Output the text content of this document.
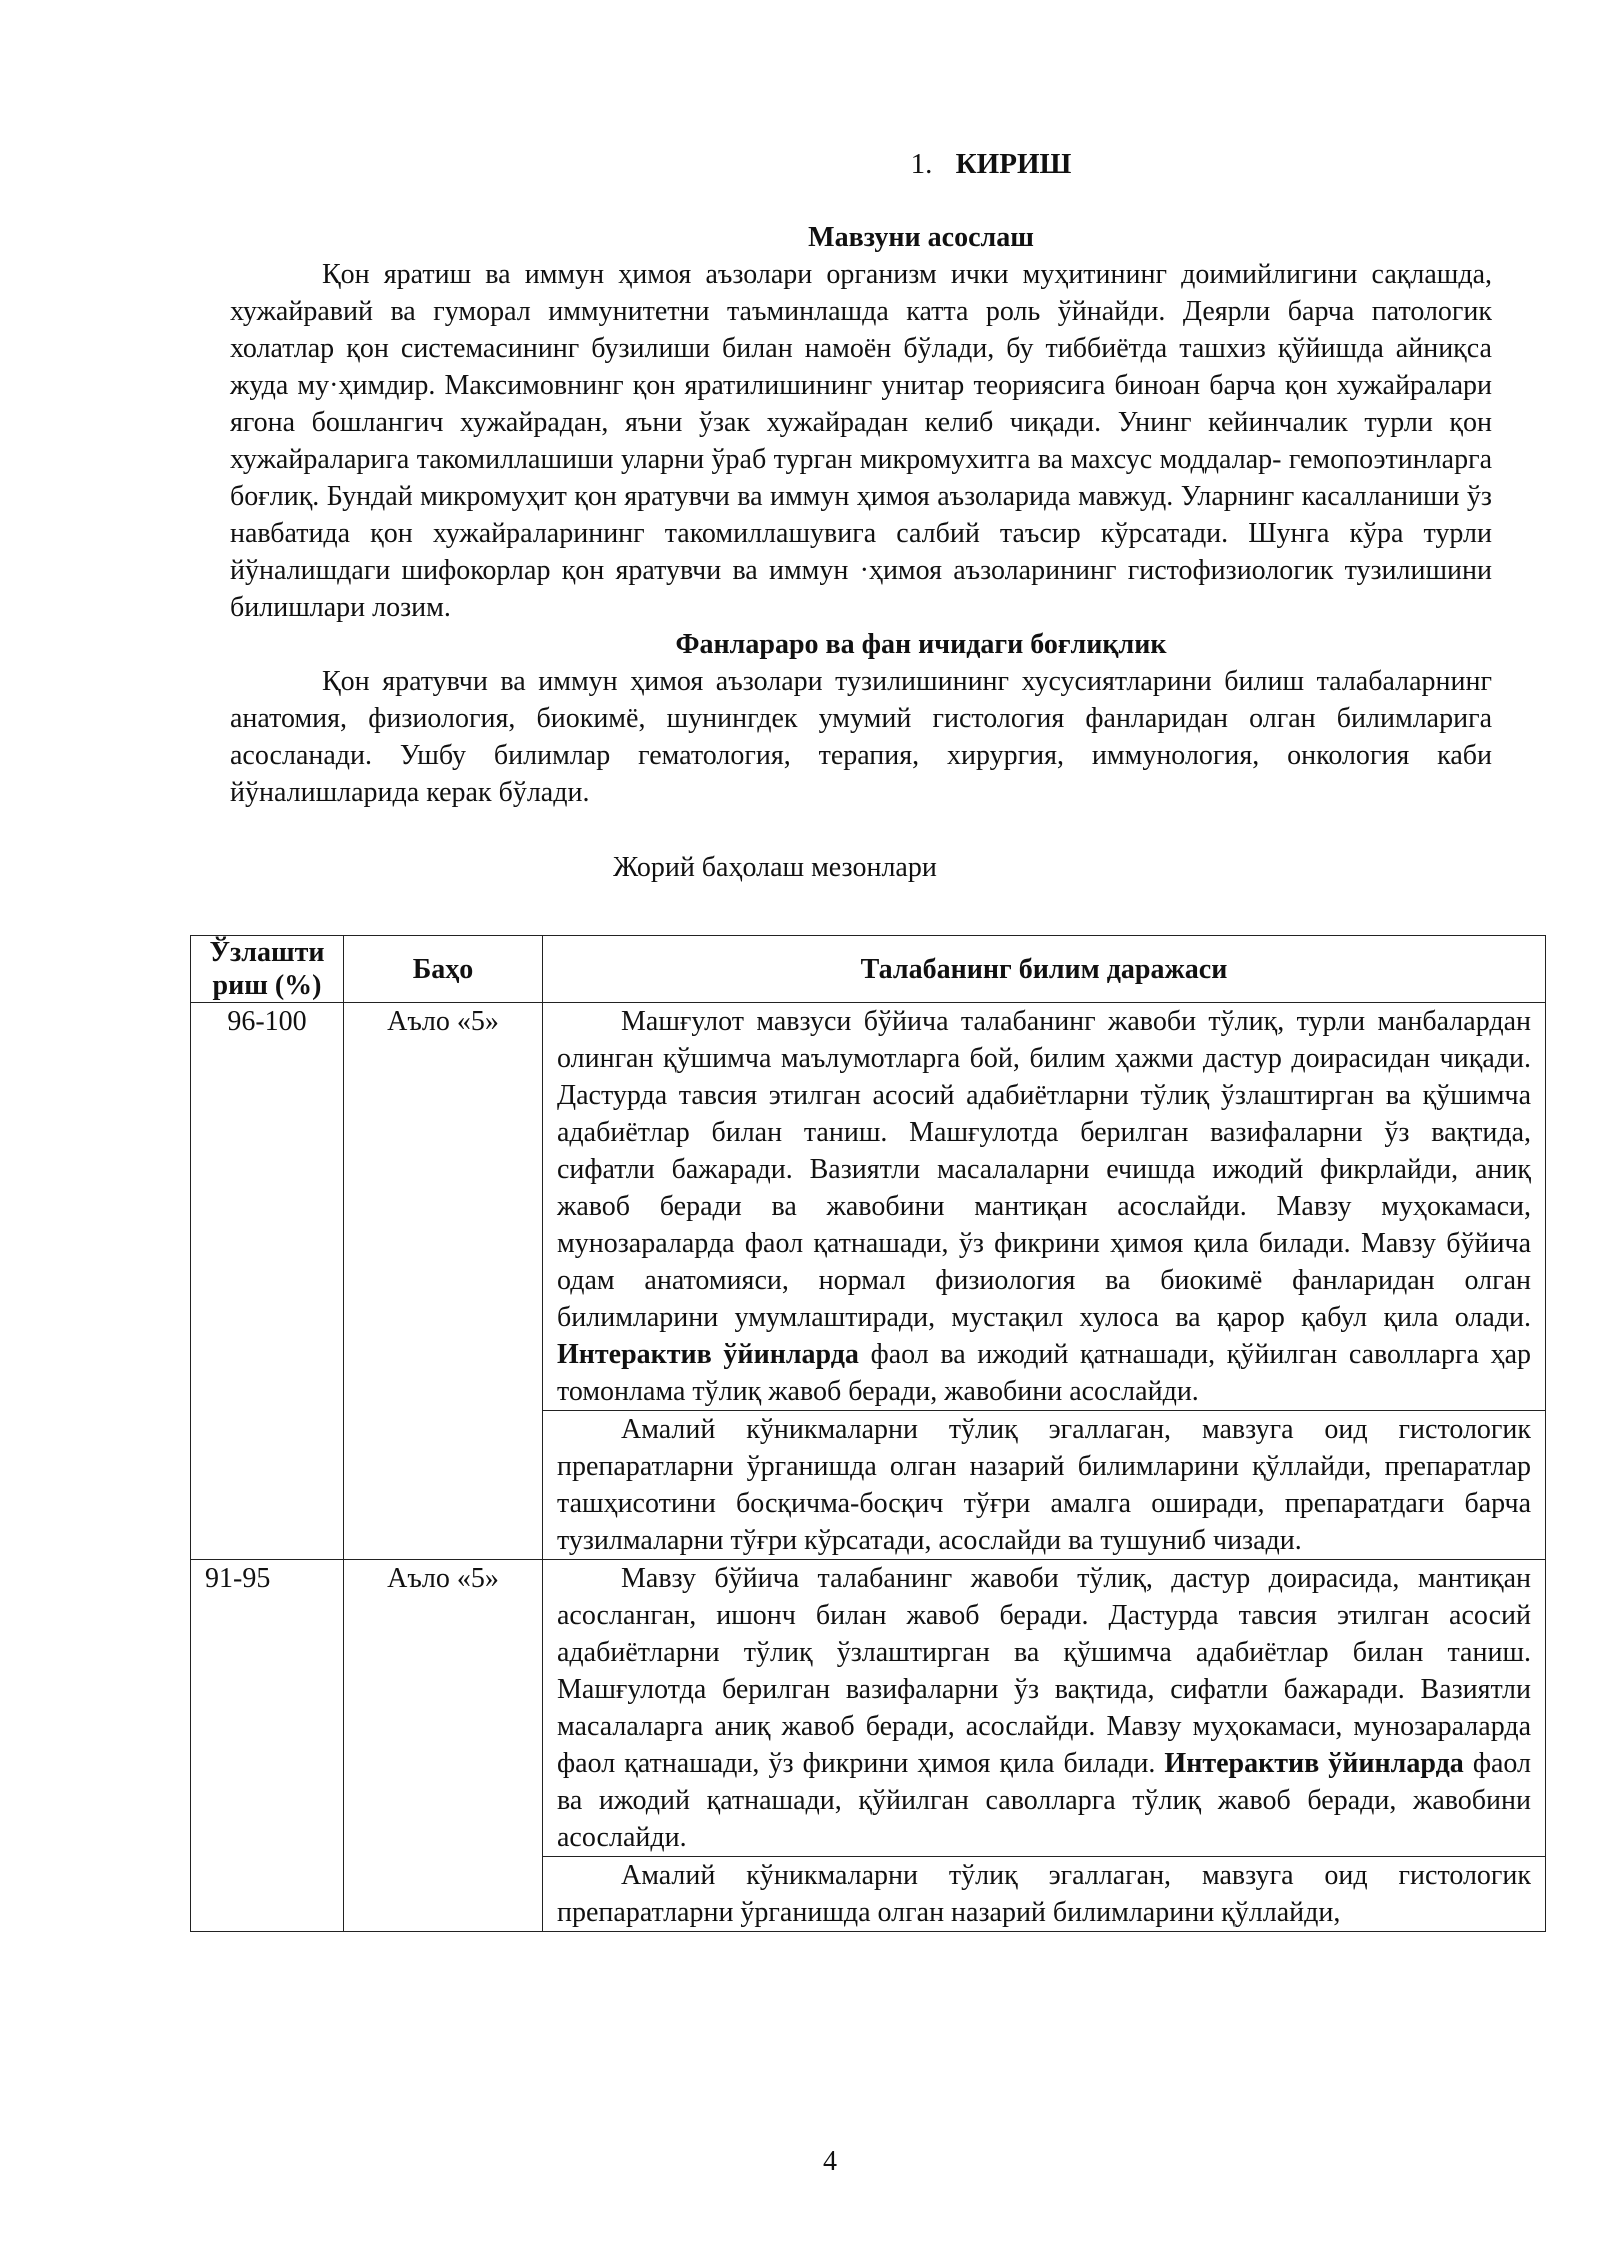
1. КИРИШ
Мавзуни асослаш

Қон яратиш ва иммун ҳимоя аъзолари организм ички муҳитининг доимийлигини сақлашда, хужайравий ва гуморал иммунитетни таъминлашда катта роль ўйнайди. Деярли барча патологик холатлар қон системасининг бузилиши билан намоён бўлади, бу тиббиётда ташхиз қўйишда айниқса жуда му·ҳимдир. Максимовнинг қон яратилишининг унитар теориясига биноан барча қон хужайралари ягона бошлангич хужайрадан, яъни ўзак хужайрадан келиб чиқади. Унинг кейинчалик турли қон хужайраларига такомиллашиши уларни ўраб турган микромухитга ва махсус моддалар- гемопоэтинларга боғлиқ. Бундай микромуҳит қон яратувчи ва иммун ҳимоя аъзоларида мавжуд. Уларнинг касалланиши ўз навбатида қон хужайраларининг такомиллашувига салбий таъсир кўрсатади. Шунга кўра турли йўналишдаги шифокорлар қон яратувчи ва иммун ·ҳимоя аъзоларининг гистофизиологик тузилишини билишлари лозим.

Фанлараро ва фан ичидаги боғлиқлик

Қон яратувчи ва иммун ҳимоя аъзолари тузилишининг хусусиятларини билиш талабаларнинг анатомия, физиология, биокимё, шунингдек умумий гистология фанларидан олган билимларига асосланади. Ушбу билимлар гематология, терапия, хирургия, иммунология, онкология каби йўналишларида керак бўлади.

Жорий баҳолаш мезонлари
Ўзлашти риш (%)	Баҳо	Талабанинг билим даражаси
96-100	Аъло «5»	Машғулот мавзуси бўйича талабанинг жавоби тўлиқ, турли манбалардан олинган қўшимча маълумотларга бой, билим ҳажми дастур доирасидан чиқади. Дастурда тавсия этилган асосий адабиётларни тўлиқ ўзлаштирган ва қўшимча адабиётлар билан таниш. Машғулотда берилган вазифаларни ўз вақтида, сифатли бажаради. Вазиятли масалаларни ечишда ижодий фикрлайди, аниқ жавоб беради ва жавобини мантиқан асослайди. Мавзу муҳокамаси, мунозараларда фаол қатнашади, ўз фикрини ҳимоя қила билади. Мавзу бўйича одам анатомияси, нормал физиология ва биокимё фанларидан олган билимларини умумлаштиради, мустақил хулоса ва қарор қабул қила олади. Интерактив ўйинларда фаол ва ижодий қатнашади, қўйилган саволларга ҳар томонлама тўлиқ жавоб беради, жавобини асослайди.
Амалий кўникмаларни тўлиқ эгаллаган, мавзуга оид гистологик препаратларни ўрганишда олган назарий билимларини қўллайди, препаратлар ташҳисотини босқичма-босқич тўғри амалга оширади, препаратдаги барча тузилмаларни тўғри кўрсатади, асослайди ва тушуниб чизади.

91-95	Аъло «5»	Мавзу бўйича талабанинг жавоби тўлиқ, дастур доирасида, мантиқан асосланган, ишонч билан жавоб беради. Дастурда тавсия этилган асосий адабиётларни тўлиқ ўзлаштирган ва қўшимча адабиётлар билан таниш. Машғулотда берилган вазифаларни ўз вақтида, сифатли бажаради. Вазиятли масалаларга аниқ жавоб беради, асослайди. Мавзу муҳокамаси, мунозараларда фаол қатнашади, ўз фикрини ҳимоя қила билади. Интерактив ўйинларда фаол ва ижодий қатнашади, қўйилган саволларга тўлиқ жавоб беради, жавобини асослайди.
Амалий кўникмаларни тўлиқ эгаллаган, мавзуга оид гистологик препаратларни ўрганишда олган назарий билимларини қўллайди,
4
